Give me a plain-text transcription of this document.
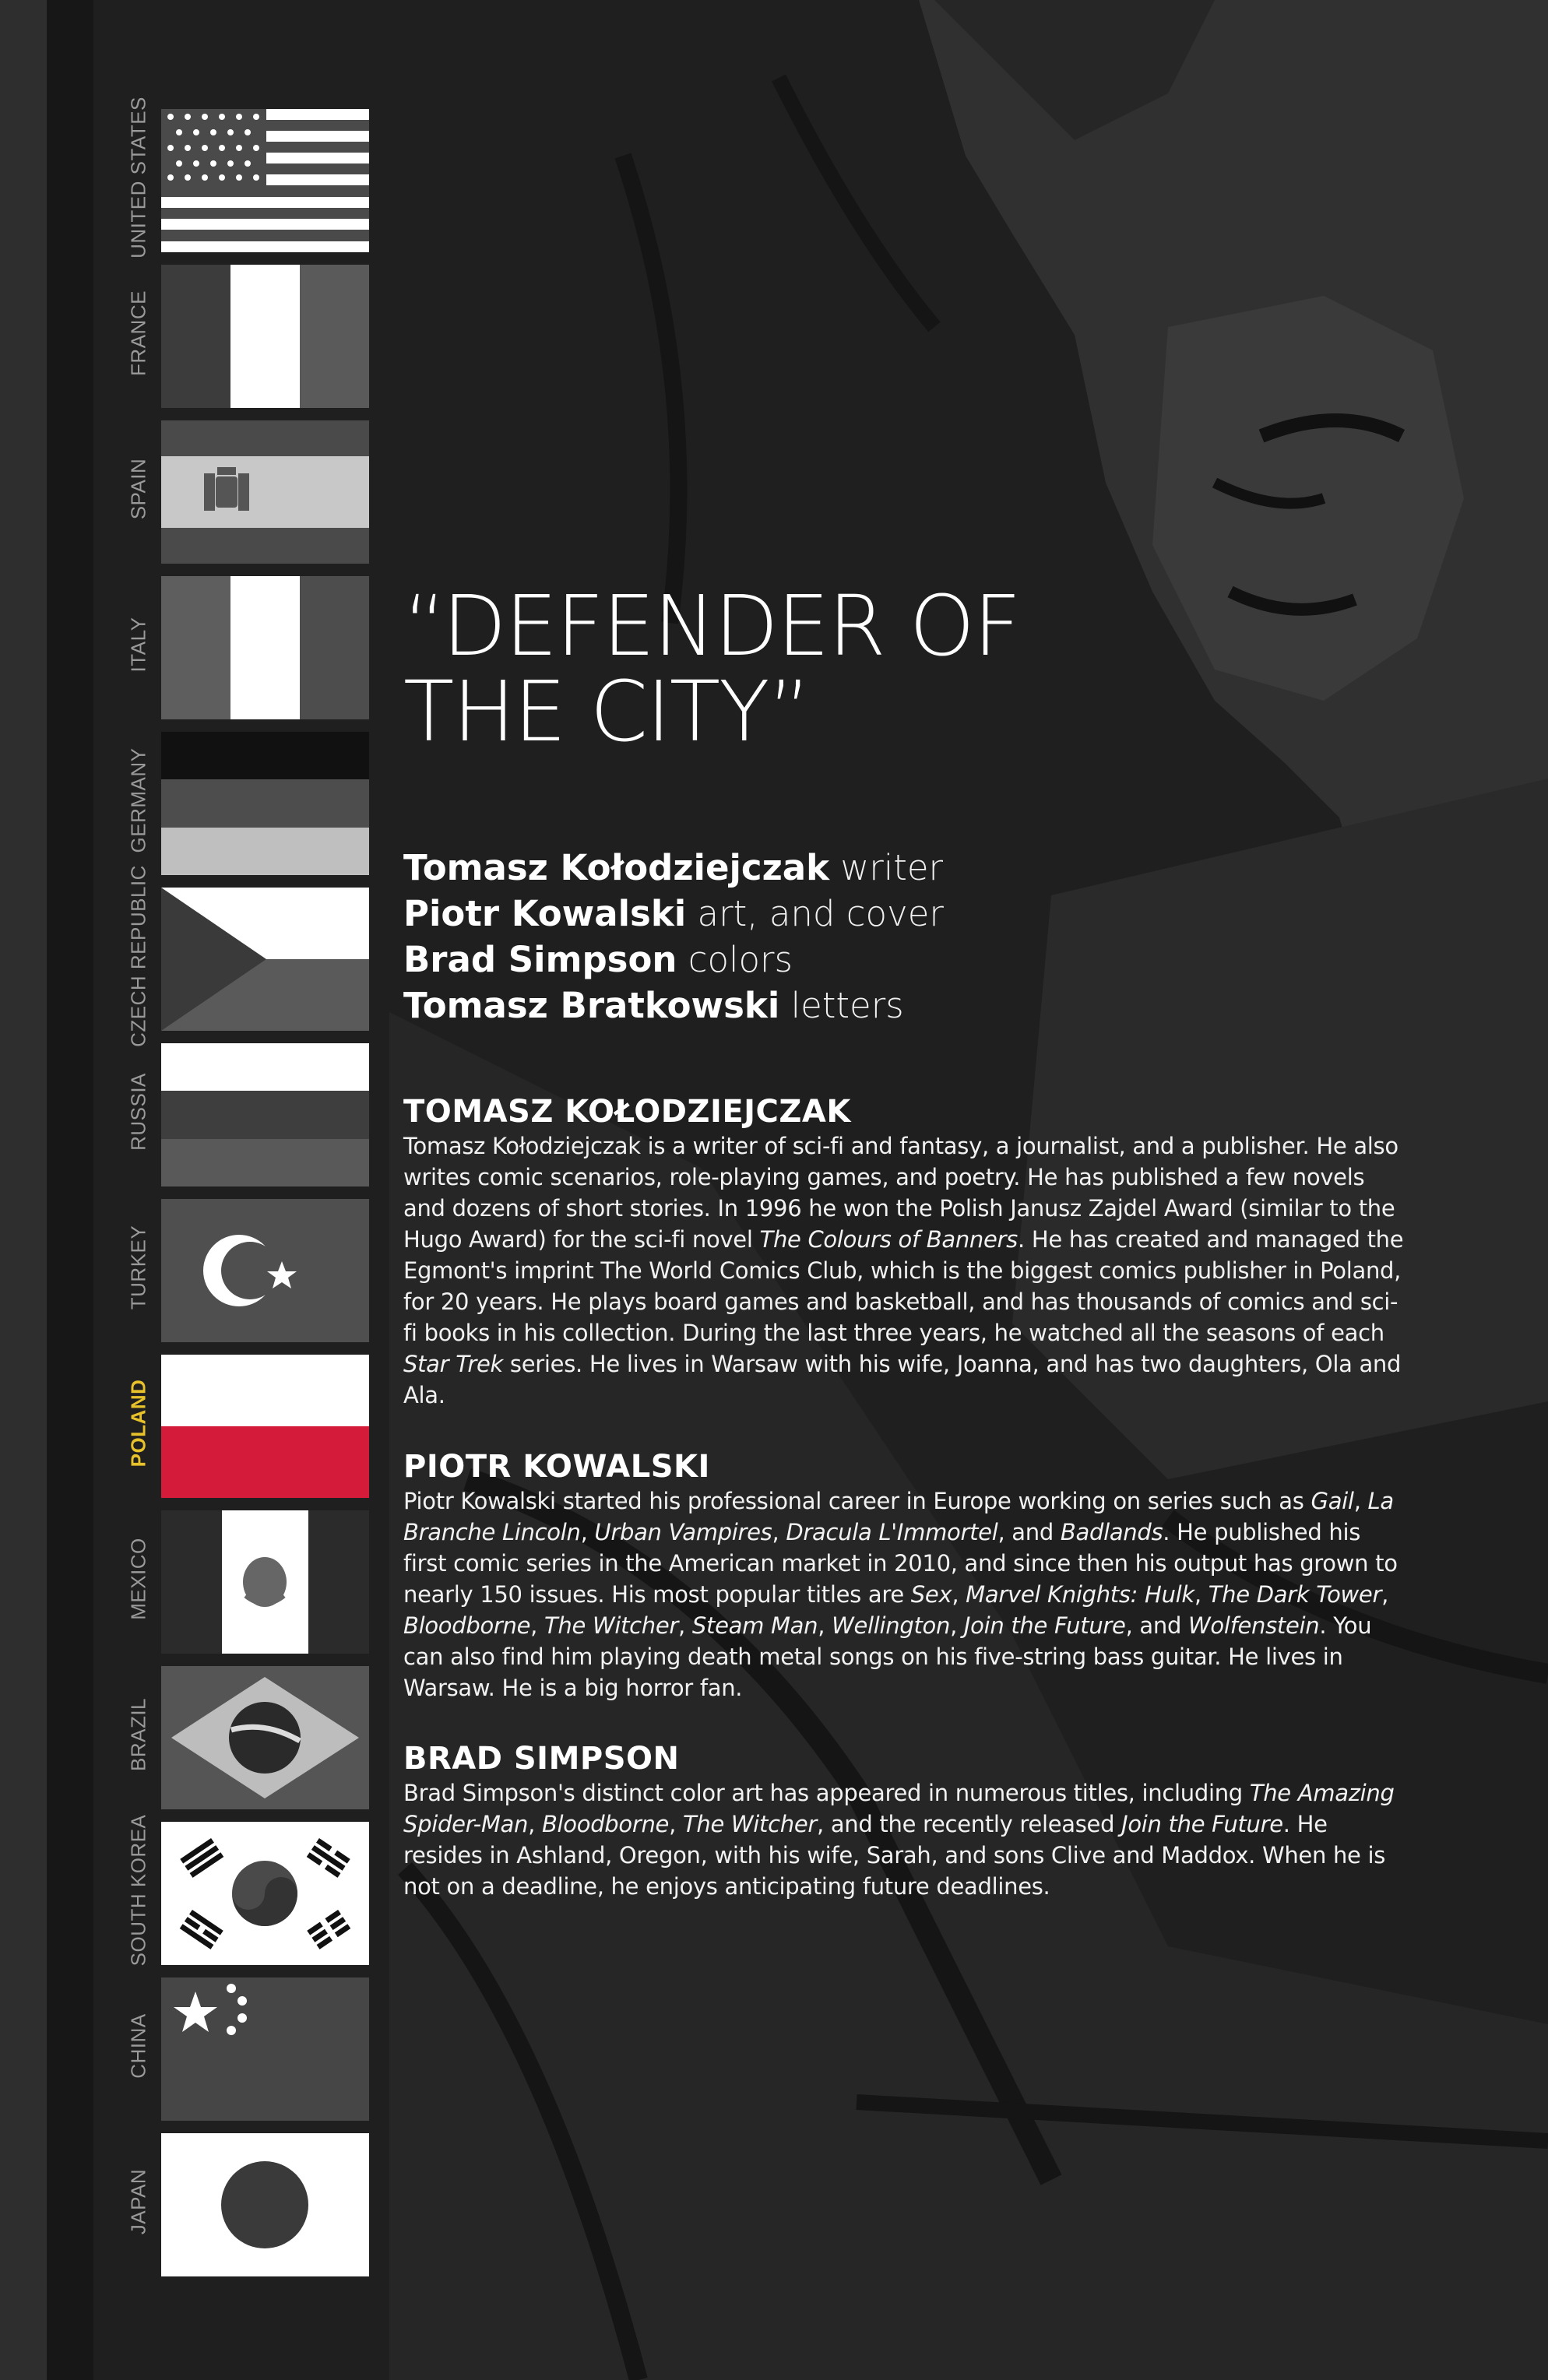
UNITED STATES
FRANCE
SPAIN
ITALY
GERMANY
CZECH REPUBLIC
RUSSIA
TURKEY
POLAND
MEXICO
BRAZIL
SOUTH KOREA
CHINA
JAPAN
“DEFENDER OF
THE CITY”
Tomasz Kołodziejczak writer
Piotr Kowalski art, and cover
Brad Simpson colors
Tomasz Bratkowski letters
TOMASZ KOŁODZIEJCZAK

Tomasz Kołodziejczak is a writer of sci-fi and fantasy, a journalist, and a publisher. He also writes comic scenarios, role-playing games, and poetry. He has published a few novels and dozens of short stories. In 1996 he won the Polish Janusz Zajdel Award (similar to the Hugo Award) for the sci-fi novel The Colours of Banners. He has created and managed the Egmont's imprint The World Comics Club, which is the biggest comics publisher in Poland, for 20 years. He plays board games and basketball, and has thousands of comics and sci-fi books in his collection. During the last three years, he watched all the seasons of each Star Trek series. He lives in Warsaw with his wife, Joanna, and has two daughters, Ola and Ala.

PIOTR KOWALSKI

Piotr Kowalski started his professional career in Europe working on series such as Gail, La Branche Lincoln, Urban Vampires, Dracula L'Immortel, and Badlands. He published his first comic series in the American market in 2010, and since then his output has grown to nearly 150 issues. His most popular titles are Sex, Marvel Knights: Hulk, The Dark Tower, Bloodborne, The Witcher, Steam Man, Wellington, Join the Future, and Wolfenstein. You can also find him playing death metal songs on his five-string bass guitar. He lives in Warsaw. He is a big horror fan.

BRAD SIMPSON

Brad Simpson's distinct color art has appeared in numerous titles, including The Amazing Spider-Man, Bloodborne, The Witcher, and the recently released Join the Future. He resides in Ashland, Oregon, with his wife, Sarah, and sons Clive and Maddox. When he is not on a deadline, he enjoys anticipating future deadlines.
